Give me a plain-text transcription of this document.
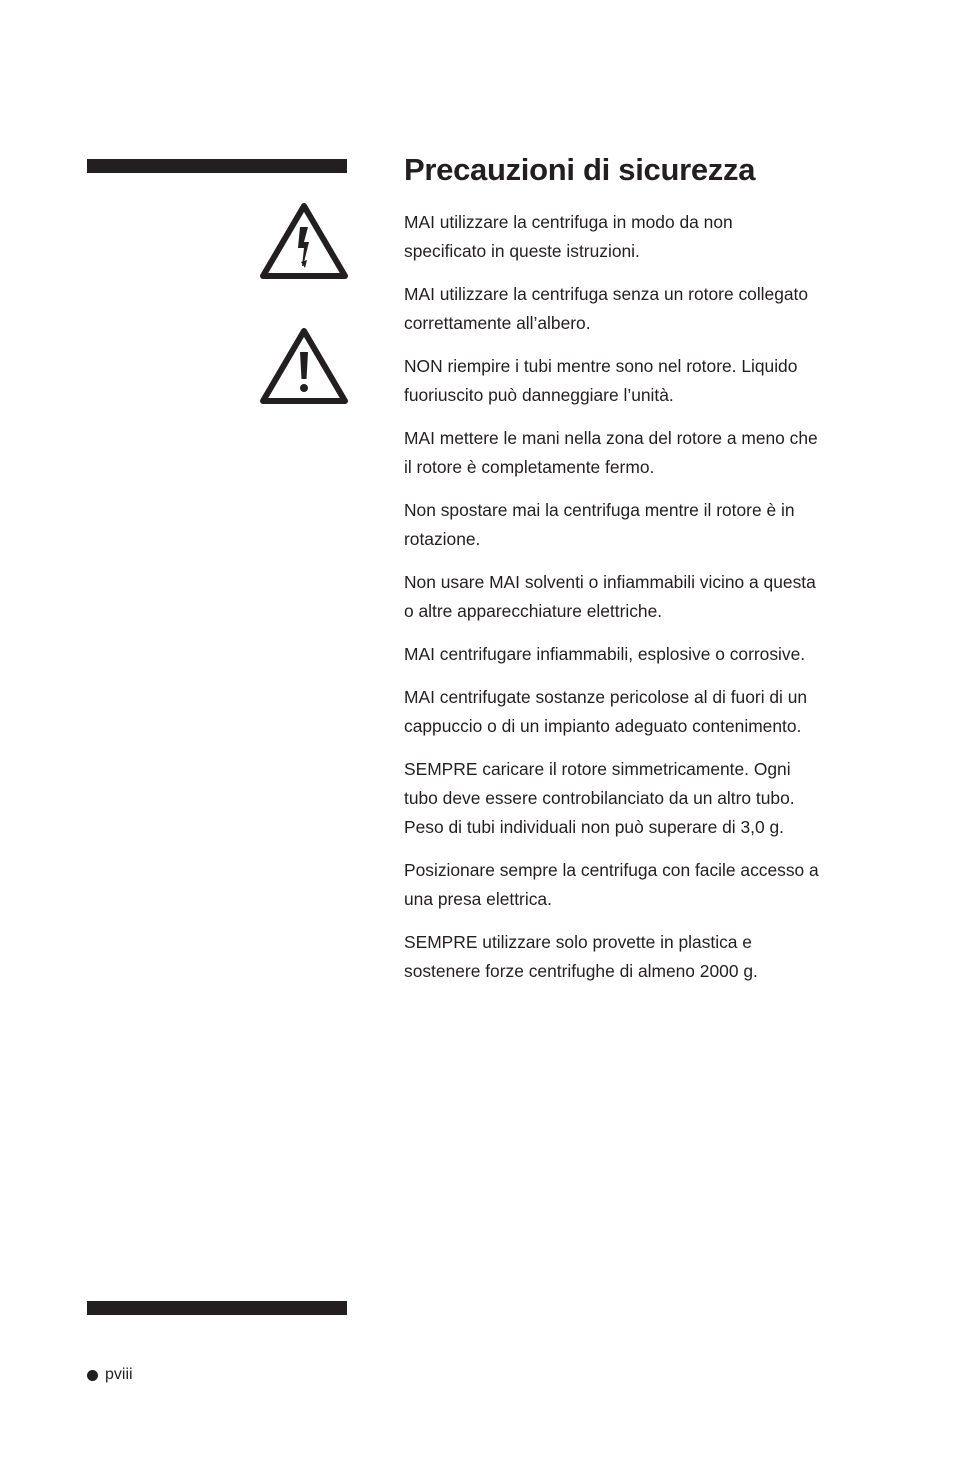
Precauzioni di sicurezza

MAI utilizzare la centrifuga in modo da non
specificato in queste istruzioni.

MAI utilizzare la centrifuga senza un rotore collegato
correttamente all’albero.

NON riempire i tubi mentre sono nel rotore. Liquido
fuoriuscito può danneggiare l’unità.

MAI mettere le mani nella zona del rotore a meno che
il rotore è completamente fermo.

Non spostare mai la centrifuga mentre il rotore è in
rotazione.

Non usare MAI solventi o infiammabili vicino a questa
o altre apparecchiature elettriche.

MAI centrifugare infiammabili, esplosive o corrosive.

MAI centrifugate sostanze pericolose al di fuori di un
cappuccio o di un impianto adeguato contenimento.

SEMPRE caricare il rotore simmetricamente. Ogni
tubo deve essere controbilanciato da un altro tubo.
Peso di tubi individuali non può superare di 3,0 g.

Posizionare sempre la centrifuga con facile accesso a
una presa elettrica.

SEMPRE utilizzare solo provette in plastica e
sostenere forze centrifughe di almeno 2000 g.

pviii
